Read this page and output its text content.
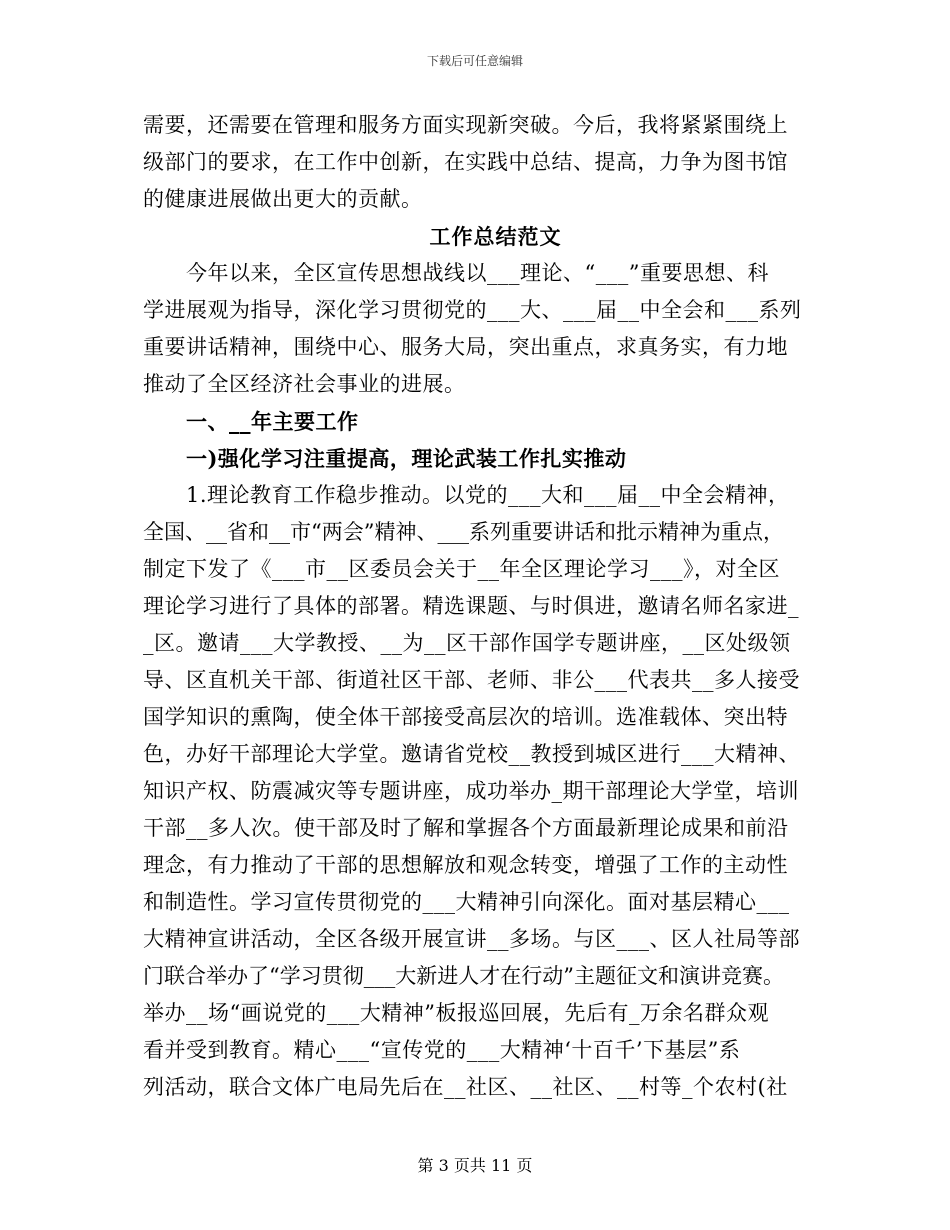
下载后可任意编辑
需要，还需要在管理和服务方面实现新突破。今后，我将紧紧围绕上
级部门的要求，在工作中创新，在实践中总结、提高，力争为图书馆
的健康进展做出更大的贡献。
工作总结范文
今年以来，全区宣传思想战线以___理论、“___”重要思想、科
学进展观为指导，深化学习贯彻党的___大、___届__中全会和___系列
重要讲话精神，围绕中心、服务大局，突出重点，求真务实，有力地
推动了全区经济社会事业的进展。
一、__年主要工作
一)强化学习注重提高，理论武装工作扎实推动
1.理论教育工作稳步推动。以党的___大和___届__中全会精神，
全国、__省和__市“两会”精神、___系列重要讲话和批示精神为重点，
制定下发了《___市__区委员会关于__年全区理论学习___》，对全区
理论学习进行了具体的部署。精选课题、与时俱进，邀请名师名家进_
_区。邀请___大学教授、__为__区干部作国学专题讲座，__区处级领
导、区直机关干部、街道社区干部、老师、非公___代表共__多人接受
国学知识的熏陶，使全体干部接受高层次的培训。选准载体、突出特
色，办好干部理论大学堂。邀请省党校__教授到城区进行___大精神、
知识产权、防震减灾等专题讲座，成功举办_期干部理论大学堂，培训
干部__多人次。使干部及时了解和掌握各个方面最新理论成果和前沿
理念，有力推动了干部的思想解放和观念转变，增强了工作的主动性
和制造性。学习宣传贯彻党的___大精神引向深化。面对基层精心___
大精神宣讲活动，全区各级开展宣讲__多场。与区___、区人社局等部
门联合举办了“学习贯彻___大新进人才在行动”主题征文和演讲竞赛。
举办__场“画说党的___大精神”板报巡回展，先后有_万余名群众观
看并受到教育。精心___“宣传党的___大精神‘十百千’下基层”系
列活动，联合文体广电局先后在__社区、__社区、__村等_个农村(社
第 3 页共 11 页
